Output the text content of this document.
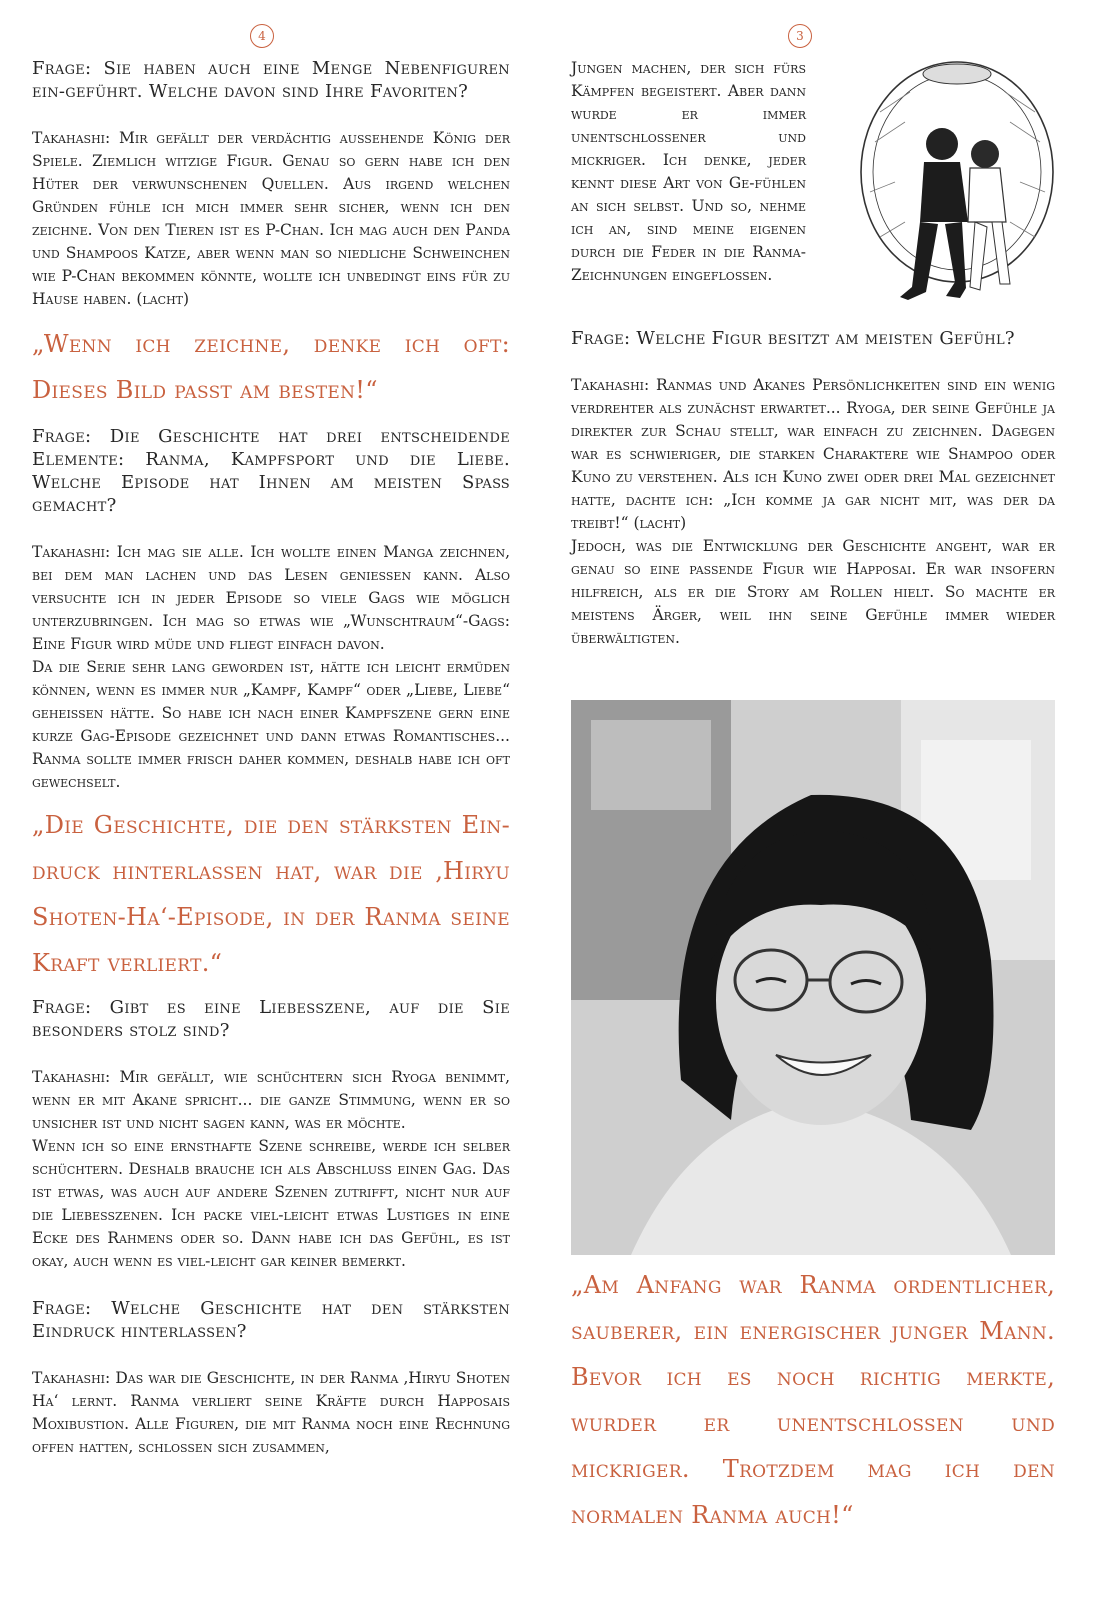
4	3

Frage: Sie haben auch eine Menge Nebenfiguren ein-geführt. Welche davon sind Ihre Favoriten?

Takahashi: Mir gefällt der verdächtig aussehende König der Spiele. Ziemlich witzige Figur. Genau so gern habe ich den Hüter der verwunschenen Quellen. Aus irgend welchen Gründen fühle ich mich immer sehr sicher, wenn ich den zeichne. Von den Tieren ist es P-Chan. Ich mag auch den Panda und Shampoos Katze, aber wenn man so niedliche Schweinchen wie P-Chan bekommen könnte, wollte ich unbedingt eins für zu Hause haben. (lacht)

„Wenn ich zeichne, denke ich oft: Dieses Bild passt am besten!“

Frage: Die Geschichte hat drei entscheidende Elemente: Ranma, Kampfsport und die Liebe. Welche Episode hat Ihnen am meisten Spaß gemacht?

Takahashi: Ich mag sie alle. Ich wollte einen Manga zeichnen, bei dem man lachen und das Lesen geniessen kann. Also versuchte ich in jeder Episode so viele Gags wie möglich unterzubringen. Ich mag so etwas wie „Wunschtraum“-Gags: Eine Figur wird müde und fliegt einfach davon.

Da die Serie sehr lang geworden ist, hätte ich leicht ermüden können, wenn es immer nur „Kampf, Kampf“ oder „Liebe, Liebe“ geheissen hätte. So habe ich nach einer Kampfszene gern eine kurze Gag-Episode gezeichnet und dann etwas Romantisches... Ranma sollte immer frisch daher kommen, deshalb habe ich oft gewechselt.

„Die Geschichte, die den stärksten Ein-druck hinterlassen hat, war die ‚Hiryu Shoten-Ha‘-Episode, in der Ranma seine Kraft verliert.“

Frage: Gibt es eine Liebesszene, auf die Sie besonders stolz sind?

Takahashi: Mir gefällt, wie schüchtern sich Ryoga benimmt, wenn er mit Akane spricht... die ganze Stimmung, wenn er so unsicher ist und nicht sagen kann, was er möchte.

Wenn ich so eine ernsthafte Szene schreibe, werde ich selber schüchtern. Deshalb brauche ich als Abschluss einen Gag. Das ist etwas, was auch auf andere Szenen zutrifft, nicht nur auf die Liebesszenen. Ich packe viel-leicht etwas Lustiges in eine Ecke des Rahmens oder so. Dann habe ich das Gefühl, es ist okay, auch wenn es viel-leicht gar keiner bemerkt.

Frage: Welche Geschichte hat den stärksten Eindruck hinterlassen?

Takahashi: Das war die Geschichte, in der Ranma ‚Hiryu Shoten Ha‘ lernt. Ranma verliert seine Kräfte durch Happosais Moxibustion. Alle Figuren, die mit Ranma noch eine Rechnung offen hatten, schlossen sich zusammen,

Jungen machen, der sich fürs Kämpfen begeistert. Aber dann wurde er immer unentschlossener und mickriger. Ich denke, jeder kennt diese Art von Ge-fühlen an sich selbst. Und so, nehme ich an, sind meine eigenen durch die Feder in die Ranma-Zeichnungen eingeflossen.

Frage: Welche Figur besitzt am meisten Gefühl?

Takahashi: Ranmas und Akanes Persönlichkeiten sind ein wenig verdrehter als zunächst erwartet... Ryoga, der seine Gefühle ja direkter zur Schau stellt, war einfach zu zeichnen. Dagegen war es schwieriger, die starken Charaktere wie Shampoo oder Kuno zu verstehen. Als ich Kuno zwei oder drei Mal gezeichnet hatte, dachte ich: „Ich komme ja gar nicht mit, was der da treibt!“ (lacht)

Jedoch, was die Entwicklung der Geschichte angeht, war er genau so eine passende Figur wie Happosai. Er war insofern hilfreich, als er die Story am Rollen hielt. So machte er meistens Ärger, weil ihn seine Gefühle immer wieder überwältigten.

„Am Anfang war Ranma ordentlicher, sauberer, ein energischer junger Mann. Bevor ich es noch richtig merkte, wurder er unentschlossen und mickriger. Trotzdem mag ich den normalen Ranma auch!“
